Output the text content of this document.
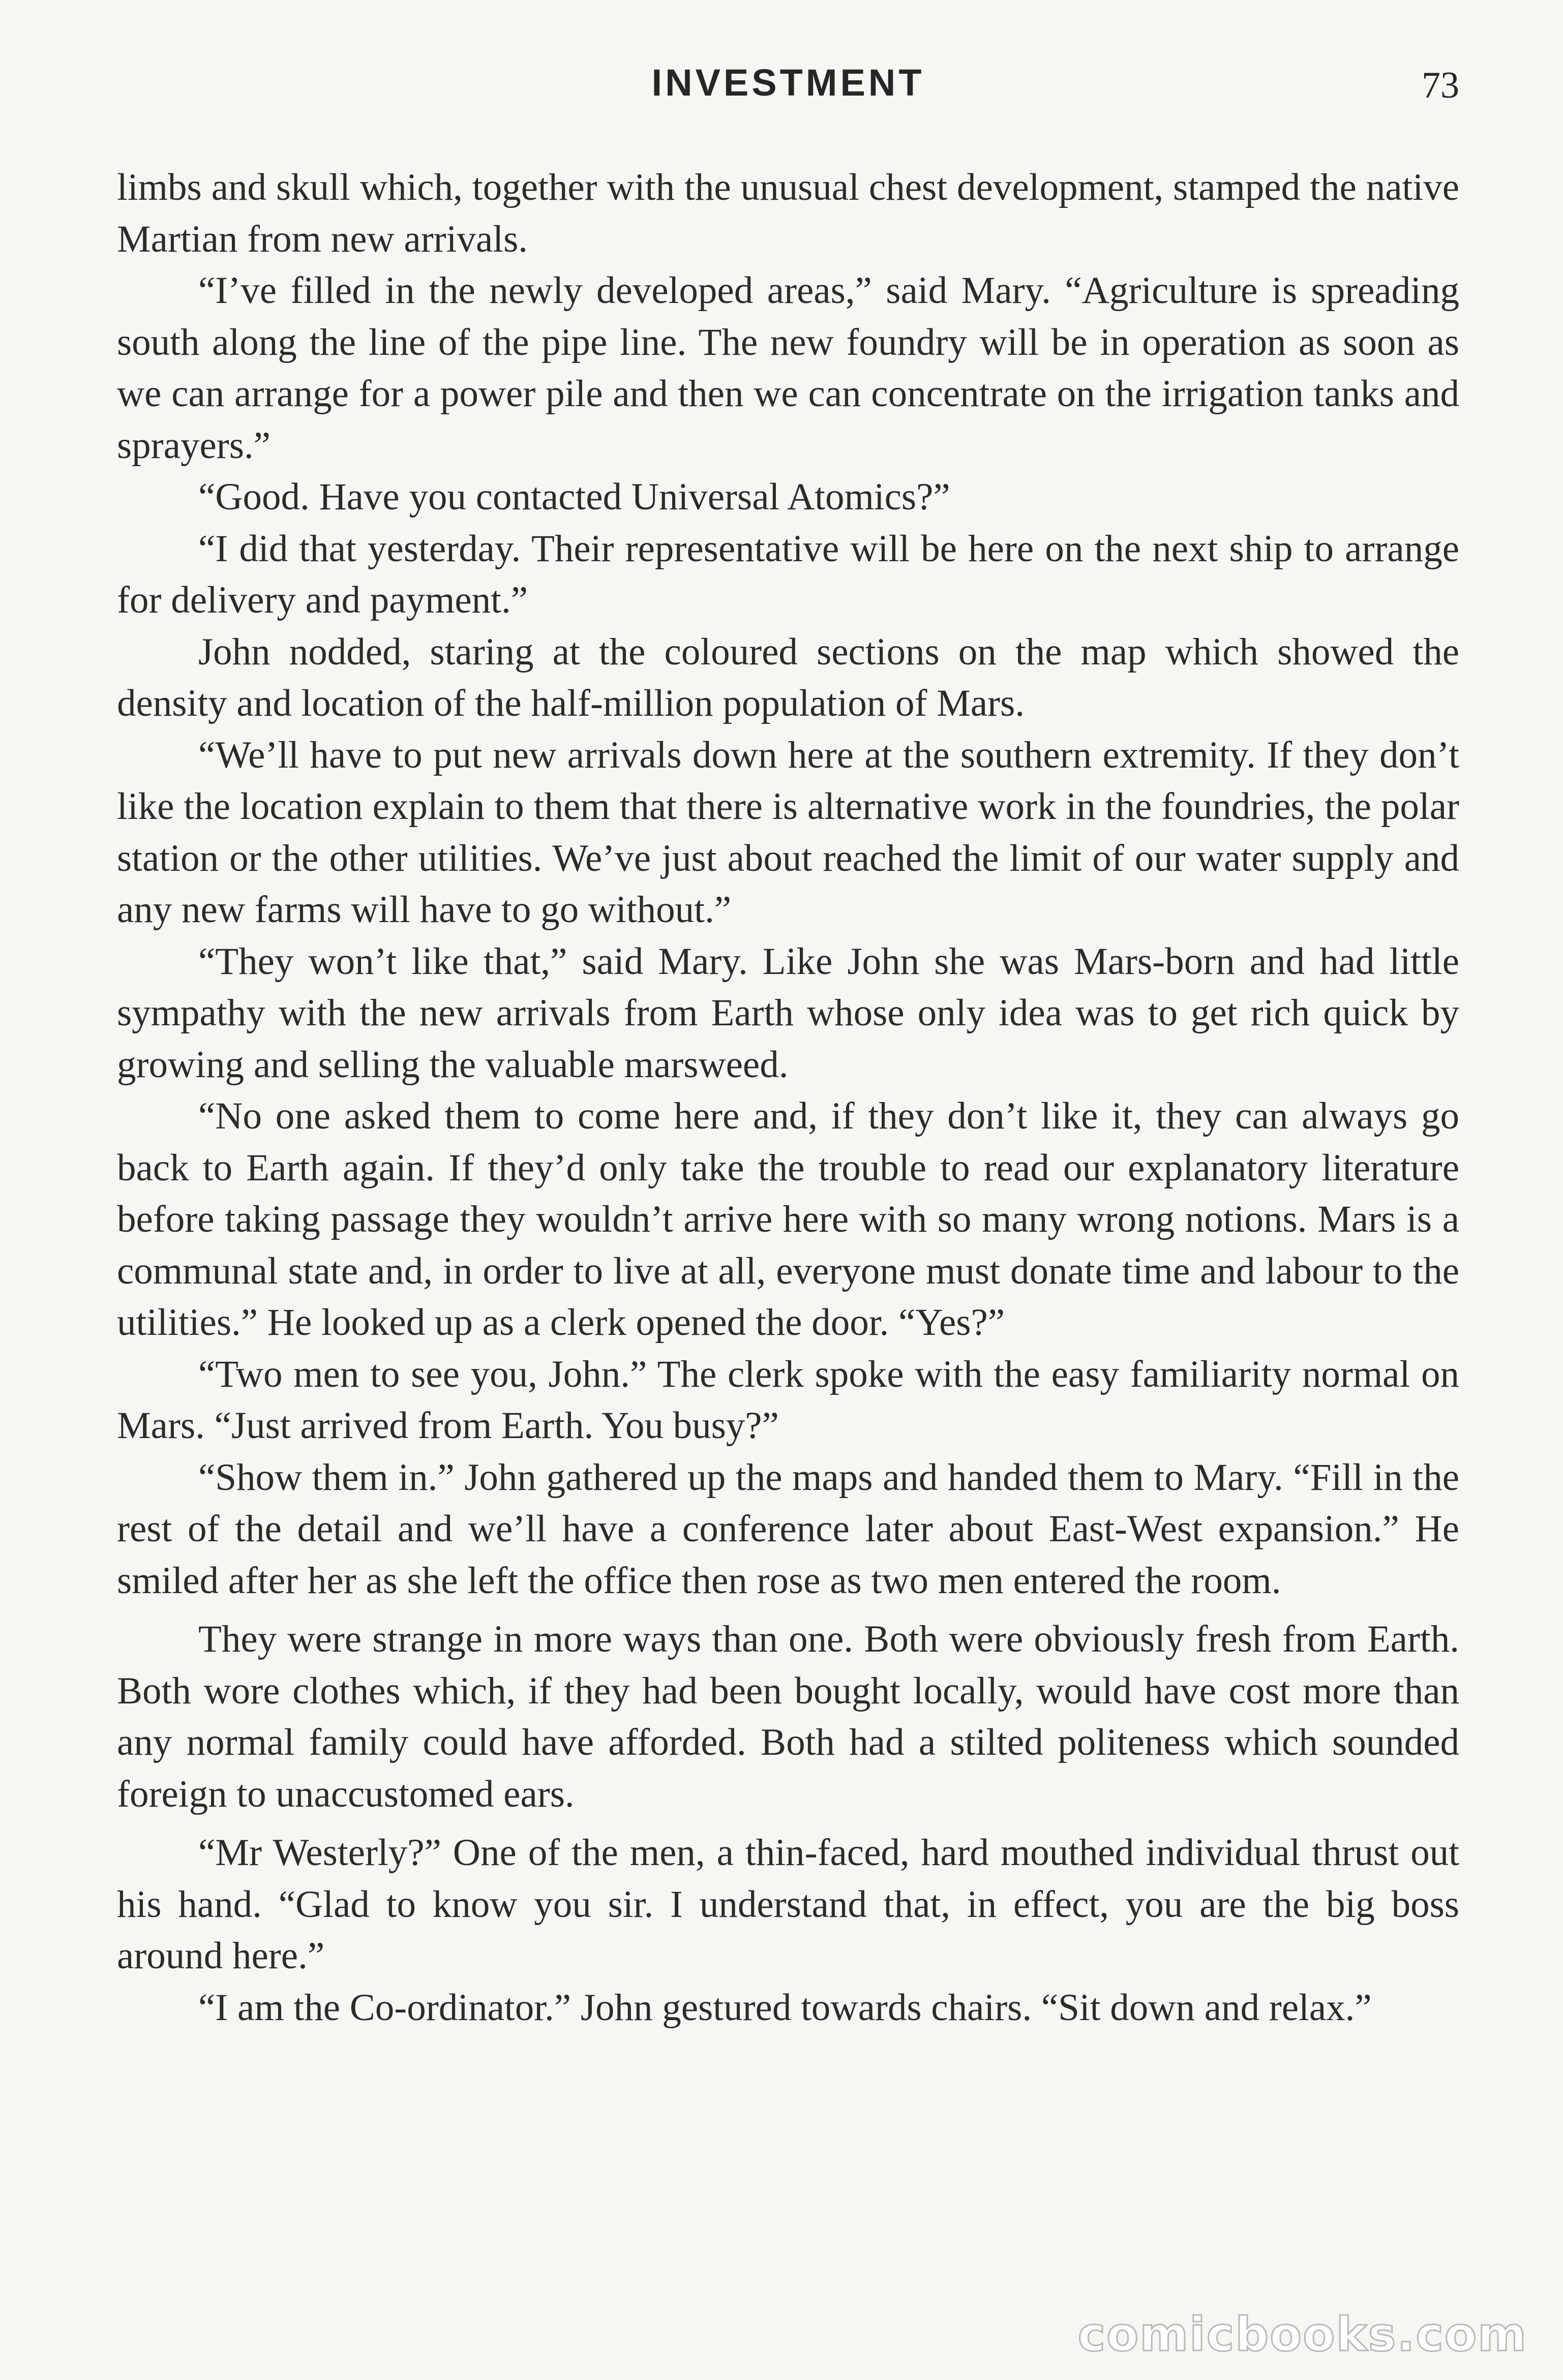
INVESTMENT	73

limbs and skull which, together with the unusual chest development, stamped the native Martian from new arrivals.

“I’ve filled in the newly developed areas,” said Mary. “Agriculture is spreading south along the line of the pipe line. The new foundry will be in operation as soon as we can arrange for a power pile and then we can concentrate on the irrigation tanks and sprayers.”

“Good. Have you contacted Universal Atomics?”

“I did that yesterday. Their representative will be here on the next ship to arrange for delivery and payment.”

John nodded, staring at the coloured sections on the map which showed the density and location of the half-million population of Mars.

“We’ll have to put new arrivals down here at the southern extremity. If they don’t like the location explain to them that there is alternative work in the foundries, the polar station or the other utilities. We’ve just about reached the limit of our water supply and any new farms will have to go without.”

“They won’t like that,” said Mary. Like John she was Mars-born and had little sympathy with the new arrivals from Earth whose only idea was to get rich quick by growing and selling the valuable marsweed.

“No one asked them to come here and, if they don’t like it, they can always go back to Earth again. If they’d only take the trouble to read our explanatory literature before taking passage they wouldn’t arrive here with so many wrong notions. Mars is a communal state and, in order to live at all, everyone must donate time and labour to the utilities.” He looked up as a clerk opened the door. “Yes?”

“Two men to see you, John.” The clerk spoke with the easy familiarity normal on Mars. “Just arrived from Earth. You busy?”

“Show them in.” John gathered up the maps and handed them to Mary. “Fill in the rest of the detail and we’ll have a conference later about East-West expansion.” He smiled after her as she left the office then rose as two men entered the room.

They were strange in more ways than one. Both were obviously fresh from Earth. Both wore clothes which, if they had been bought locally, would have cost more than any normal family could have afforded. Both had a stilted politeness which sounded foreign to unaccustomed ears.

“Mr Westerly?” One of the men, a thin-faced, hard mouthed individual thrust out his hand. “Glad to know you sir. I understand that, in effect, you are the big boss around here.”

“I am the Co-ordinator.” John gestured towards chairs. “Sit down and relax.”

comicbooks.com
